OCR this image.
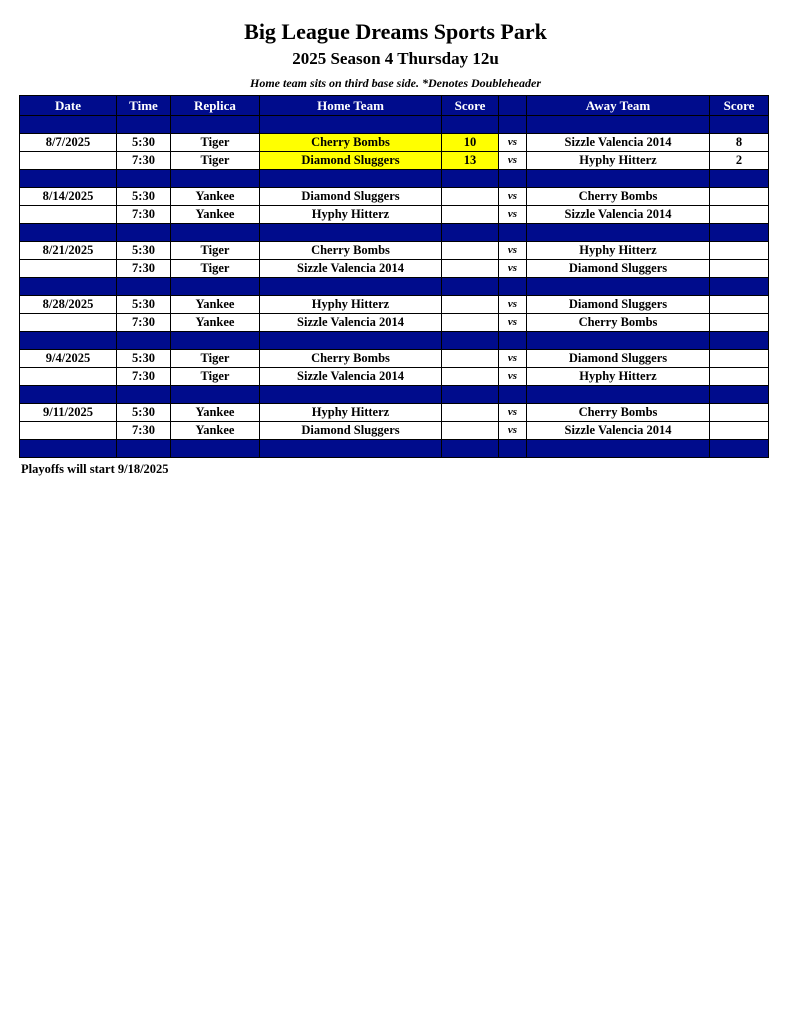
Big League Dreams Sports Park
2025 Season 4 Thursday 12u
Home team sits on third base side. *Denotes Doubleheader
Date	Time	Replica	Home Team	Score		Away Team	Score

8/7/2025	5:30	Tiger	Cherry Bombs	10	vs	Sizzle Valencia 2014	8
	7:30	Tiger	Diamond Sluggers	13	vs	Hyphy Hitterz	2

8/14/2025	5:30	Yankee	Diamond Sluggers		vs	Cherry Bombs	
	7:30	Yankee	Hyphy Hitterz		vs	Sizzle Valencia 2014	

8/21/2025	5:30	Tiger	Cherry Bombs		vs	Hyphy Hitterz	
	7:30	Tiger	Sizzle Valencia 2014		vs	Diamond Sluggers	

8/28/2025	5:30	Yankee	Hyphy Hitterz		vs	Diamond Sluggers	
	7:30	Yankee	Sizzle Valencia 2014		vs	Cherry Bombs	

9/4/2025	5:30	Tiger	Cherry Bombs		vs	Diamond Sluggers	
	7:30	Tiger	Sizzle Valencia 2014		vs	Hyphy Hitterz	

9/11/2025	5:30	Yankee	Hyphy Hitterz		vs	Cherry Bombs	
	7:30	Yankee	Diamond Sluggers		vs	Sizzle Valencia 2014	

Playoffs will start 9/18/2025
